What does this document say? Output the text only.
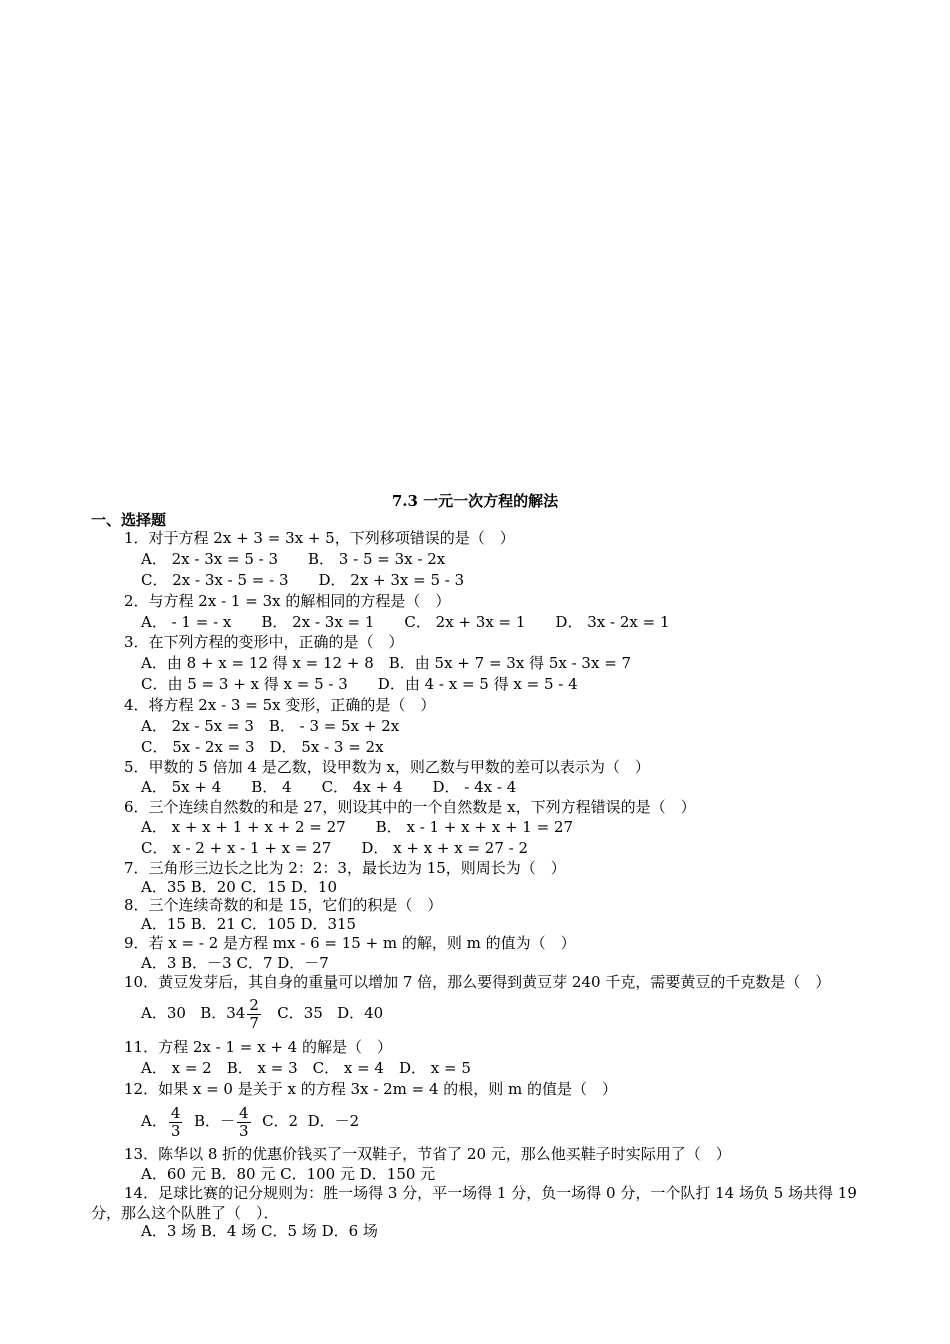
7.3 一元一次方程的解法
一、选择题
1．对于方程 2x + 3 = 3x + 5，下列移项错误的是（　）
A． 2x - 3x = 5 - 3　　B． 3 - 5 = 3x - 2x
C． 2x - 3x - 5 = - 3　　D． 2x + 3x = 5 - 3
2．与方程 2x - 1 = 3x 的解相同的方程是（　）
A． - 1 = - x　　B． 2x - 3x = 1　　C． 2x + 3x = 1　　D． 3x - 2x = 1
3．在下列方程的变形中，正确的是（　）
A．由 8 + x = 12 得 x = 12 + 8　B．由 5x + 7 = 3x 得 5x - 3x = 7
C．由 5 = 3 + x 得 x = 5 - 3　　D．由 4 - x = 5 得 x = 5 - 4
4．将方程 2x - 3 = 5x 变形，正确的是（　）
A． 2x - 5x = 3　B． - 3 = 5x + 2x
C． 5x - 2x = 3　D． 5x - 3 = 2x
5．甲数的 5 倍加 4 是乙数，设甲数为 x，则乙数与甲数的差可以表示为（　）
A． 5x + 4　　B． 4　　C． 4x + 4　　D． - 4x - 4
6．三个连续自然数的和是 27，则设其中的一个自然数是 x，下列方程错误的是（　）
A． x + x + 1 + x + 2 = 27　　B． x - 1 + x + x + 1 = 27
C． x - 2 + x - 1 + x = 27　　D． x + x + x = 27 - 2
7．三角形三边长之比为 2：2：3，最长边为 15，则周长为（　）
A．35 B．20 C．15 D．10
8．三个连续奇数的和是 15，它们的积是（　）
A．15 B．21 C．105 D．315
9．若 x = - 2 是方程 mx - 6 = 15 + m 的解，则 m 的值为（　）
A．3 B．－3 C．7 D．－7
10．黄豆发芽后，其自身的重量可以增加 7 倍，那么要得到黄豆芽 240 千克，需要黄豆的千克数是（　）
A．30 B．$34 \frac{2}{7}$ C．35 D．40
11．方程 2x - 1 = x + 4 的解是（　）
A． x = 2　B． x = 3　C． x = 4　D． x = 5
12．如果 x = 0 是关于 x 的方程 3x - 2m = 4 的根，则 m 的值是（　）
A． $\frac{4}{3}$ B．－ $\frac{4}{3}$ C．2 D．－2
13．陈华以 8 折的优惠价钱买了一双鞋子，节省了 20 元，那么他买鞋子时实际用了（　）
A．60 元 B．80 元 C．100 元 D．150 元
14．足球比赛的记分规则为：胜一场得 3 分，平一场得 1 分，负一场得 0 分，一个队打 14 场负 5 场共得 19 分，那么这个队胜了（　）．
A．3 场 B．4 场 C．5 场 D．6 场
